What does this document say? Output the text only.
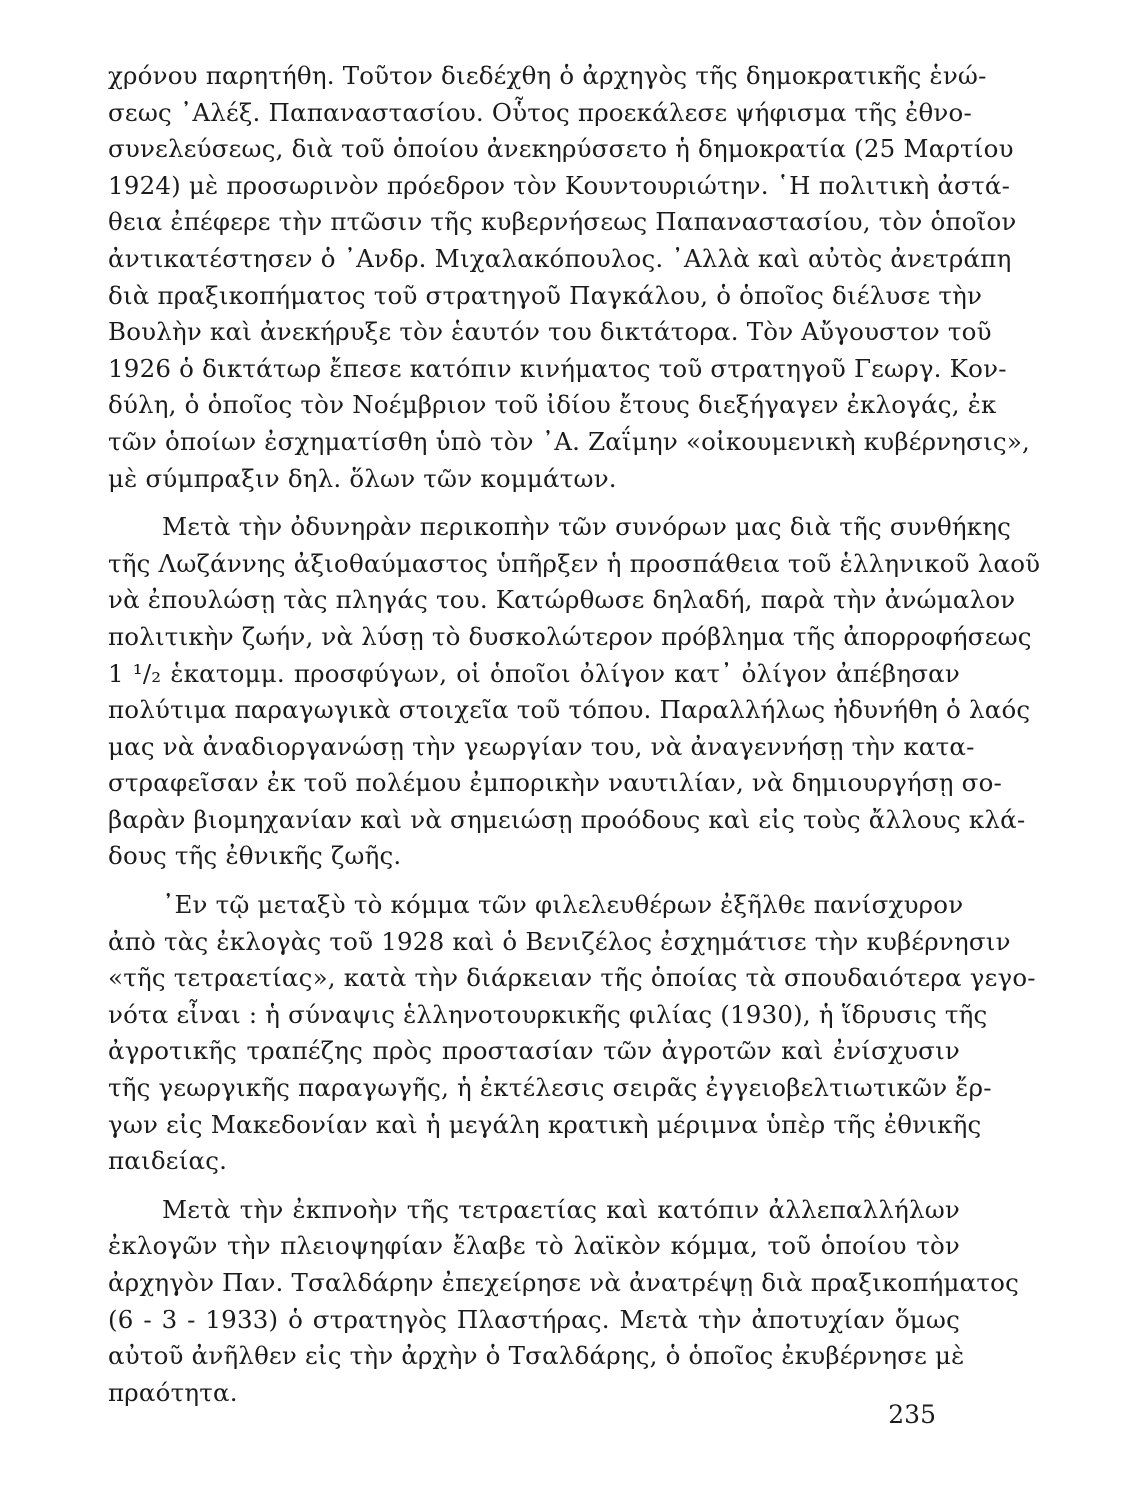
χρόνου παρητήθη. Τοῦτον διεδέχθη ὁ ἀρχηγὸς τῆς δημοκρατικῆς ἑνώ-
σεως ᾿Αλέξ. Παπαναστασίου. Οὗτος προεκάλεσε ψήφισμα τῆς ἐθνο-
συνελεύσεως, διὰ τοῦ ὁποίου ἀνεκηρύσσετο ἡ δημοκρατία (25 Μαρτίου
1924) μὲ προσωρινὸν πρόεδρον τὸν Κουντουριώτην. ῾Η πολιτικὴ ἀστά-
θεια ἐπέφερε τὴν πτῶσιν τῆς κυβερνήσεως Παπαναστασίου, τὸν ὁποῖον
ἀντικατέστησεν ὁ ᾿Ανδρ. Μιχαλακόπουλος. ᾿Αλλὰ καὶ αὐτὸς ἀνετράπη
διὰ πραξικοπήματος τοῦ στρατηγοῦ Παγκάλου, ὁ ὁποῖος διέλυσε τὴν
Βουλὴν καὶ ἀνεκήρυξε τὸν ἑαυτόν του δικτάτορα. Τὸν Αὔγουστον τοῦ
1926 ὁ δικτάτωρ ἔπεσε κατόπιν κινήματος τοῦ στρατηγοῦ Γεωργ. Κον-
δύλη, ὁ ὁποῖος τὸν Νοέμβριον τοῦ ἰδίου ἔτους διεξήγαγεν ἐκλογάς, ἐκ
τῶν ὁποίων ἐσχηματίσθη ὑπὸ τὸν ᾿Α. Ζαΐμην «οἰκουμενικὴ κυβέρνησις»,
μὲ σύμπραξιν δηλ. ὅλων τῶν κομμάτων.
Μετὰ τὴν ὀδυνηρὰν περικοπὴν τῶν συνόρων μας διὰ τῆς συνθήκης
τῆς Λωζάννης ἀξιοθαύμαστος ὑπῆρξεν ἡ προσπάθεια τοῦ ἑλληνικοῦ λαοῦ
νὰ ἐπουλώσῃ τὰς πληγάς του. Κατώρθωσε δηλαδή, παρὰ τὴν ἀνώμαλον
πολιτικὴν ζωήν, νὰ λύσῃ τὸ δυσκολώτερον πρόβλημα τῆς ἀπορροφήσεως
1 ¹/₂ ἑκατομμ. προσφύγων, οἱ ὁποῖοι ὀλίγον κατ᾿ ὀλίγον ἀπέβησαν
πολύτιμα παραγωγικὰ στοιχεῖα τοῦ τόπου. Παραλλήλως ἠδυνήθη ὁ λαός
μας νὰ ἀναδιοργανώσῃ τὴν γεωργίαν του, νὰ ἀναγεννήσῃ τὴν κατα-
στραφεῖσαν ἐκ τοῦ πολέμου ἐμπορικὴν ναυτιλίαν, νὰ δημιουργήσῃ σο-
βαρὰν βιομηχανίαν καὶ νὰ σημειώσῃ προόδους καὶ εἰς τοὺς ἄλλους κλά-
δους τῆς ἐθνικῆς ζωῆς.
᾿Εν τῷ μεταξὺ τὸ κόμμα τῶν φιλελευθέρων ἐξῆλθε πανίσχυρον
ἀπὸ τὰς ἐκλογὰς τοῦ 1928 καὶ ὁ Βενιζέλος ἐσχημάτισε τὴν κυβέρνησιν
«τῆς τετραετίας», κατὰ τὴν διάρκειαν τῆς ὁποίας τὰ σπουδαιότερα γεγο-
νότα εἶναι : ἡ σύναψις ἑλληνοτουρκικῆς φιλίας (1930), ἡ ἵδρυσις τῆς
ἀγροτικῆς τραπέζης πρὸς προστασίαν τῶν ἀγροτῶν καὶ ἐνίσχυσιν
τῆς γεωργικῆς παραγωγῆς, ἡ ἐκτέλεσις σειρᾶς ἐγγειοβελτιωτικῶν ἔρ-
γων εἰς Μακεδονίαν καὶ ἡ μεγάλη κρατικὴ μέριμνα ὑπὲρ τῆς ἐθνικῆς
παιδείας.
Μετὰ τὴν ἐκπνοὴν τῆς τετραετίας καὶ κατόπιν ἀλλεπαλλήλων
ἐκλογῶν τὴν πλειοψηφίαν ἔλαβε τὸ λαϊκὸν κόμμα, τοῦ ὁποίου τὸν
ἀρχηγὸν Παν. Τσαλδάρην ἐπεχείρησε νὰ ἀνατρέψῃ διὰ πραξικοπήματος
(6 - 3 - 1933) ὁ στρατηγὸς Πλαστήρας. Μετὰ τὴν ἀποτυχίαν ὅμως
αὐτοῦ ἀνῆλθεν εἰς τὴν ἀρχὴν ὁ Τσαλδάρης, ὁ ὁποῖος ἐκυβέρνησε μὲ
πραότητα.
235
